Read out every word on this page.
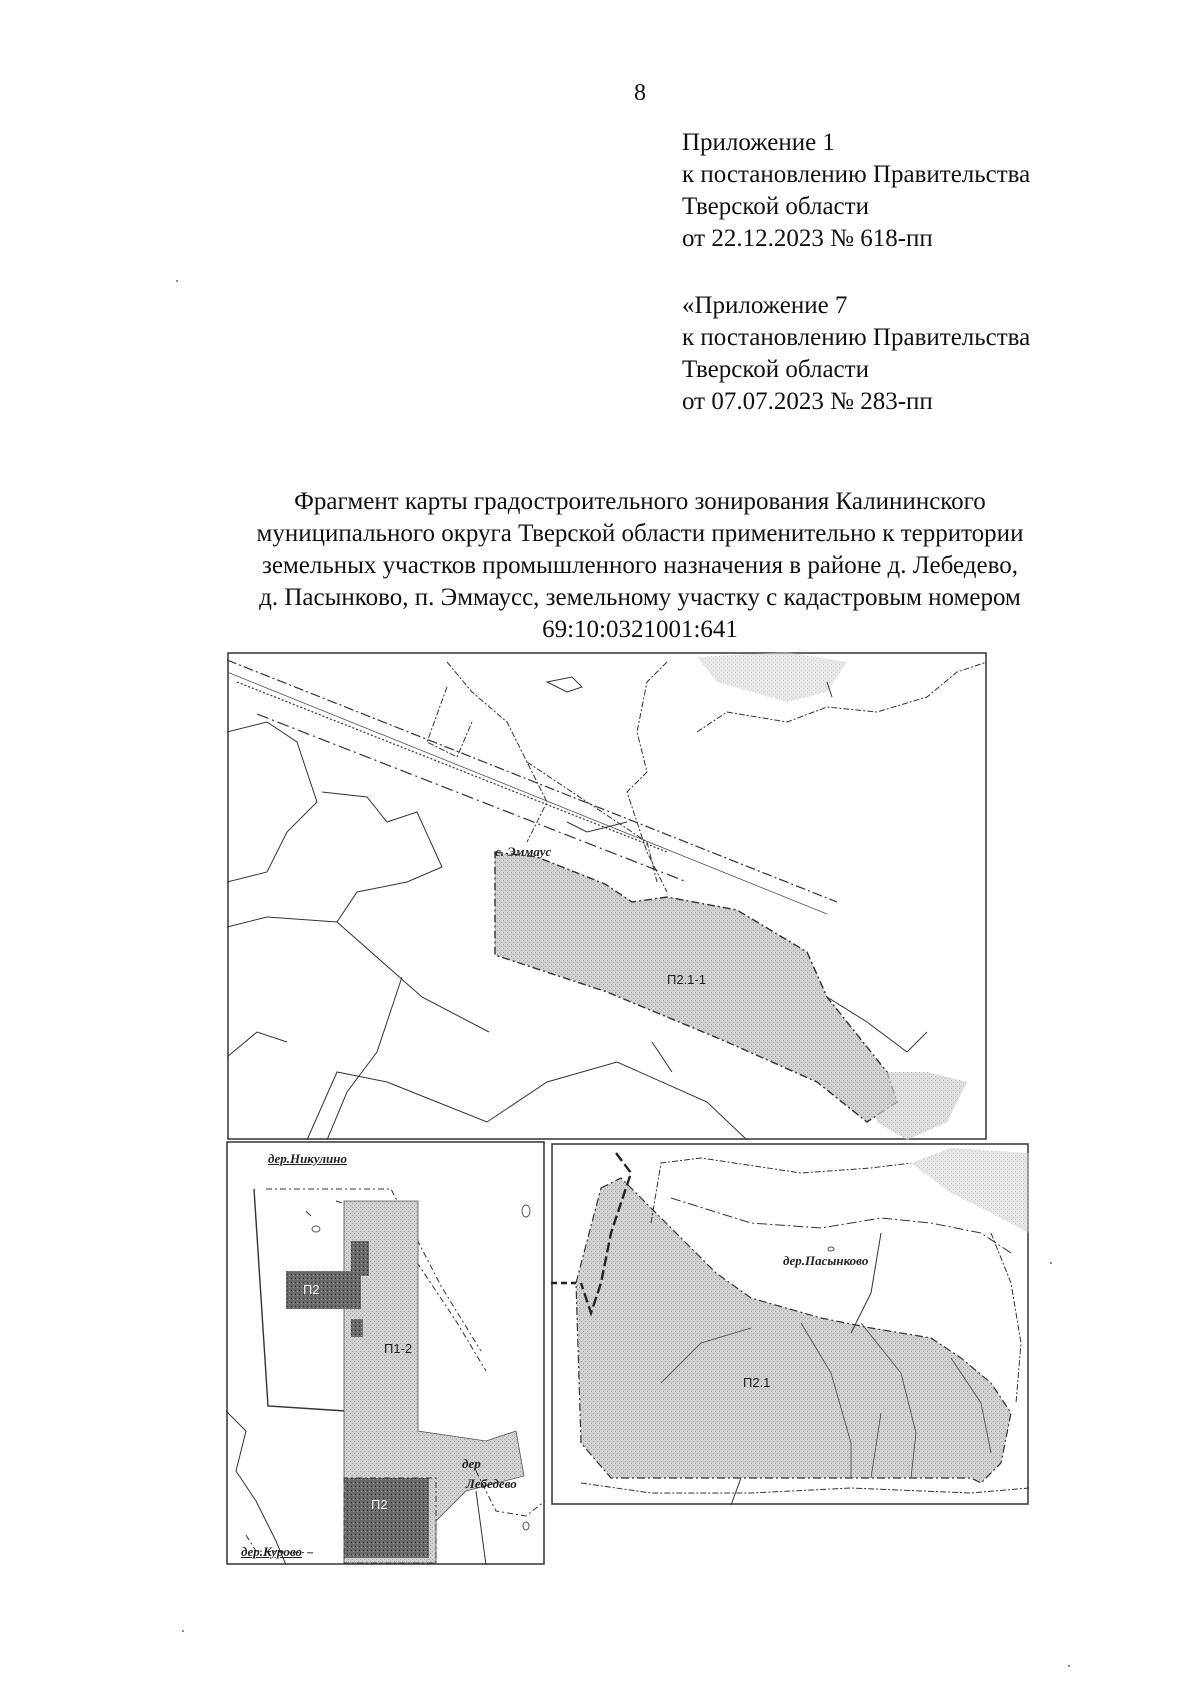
8
Приложение 1
к постановлению Правительства
Тверской области
от 22.12.2023 № 618-пп
«Приложение 7
к постановлению Правительства
Тверской области
от 07.07.2023 № 283-пп
Фрагмент карты градостроительного зонирования Калининского
муниципального округа Тверской области применительно к территории
земельных участков промышленного назначения в районе д. Лебедево,
д. Пасынково, п. Эммаусс, земельному участку с кадастровым номером
69:10:0321001:641
с. Эммаус
П2.1-1
дер.Никулино
П2
П1-2
П2
дер
Лебедево
дер.Курово
дер.Пасынково
П2.1
